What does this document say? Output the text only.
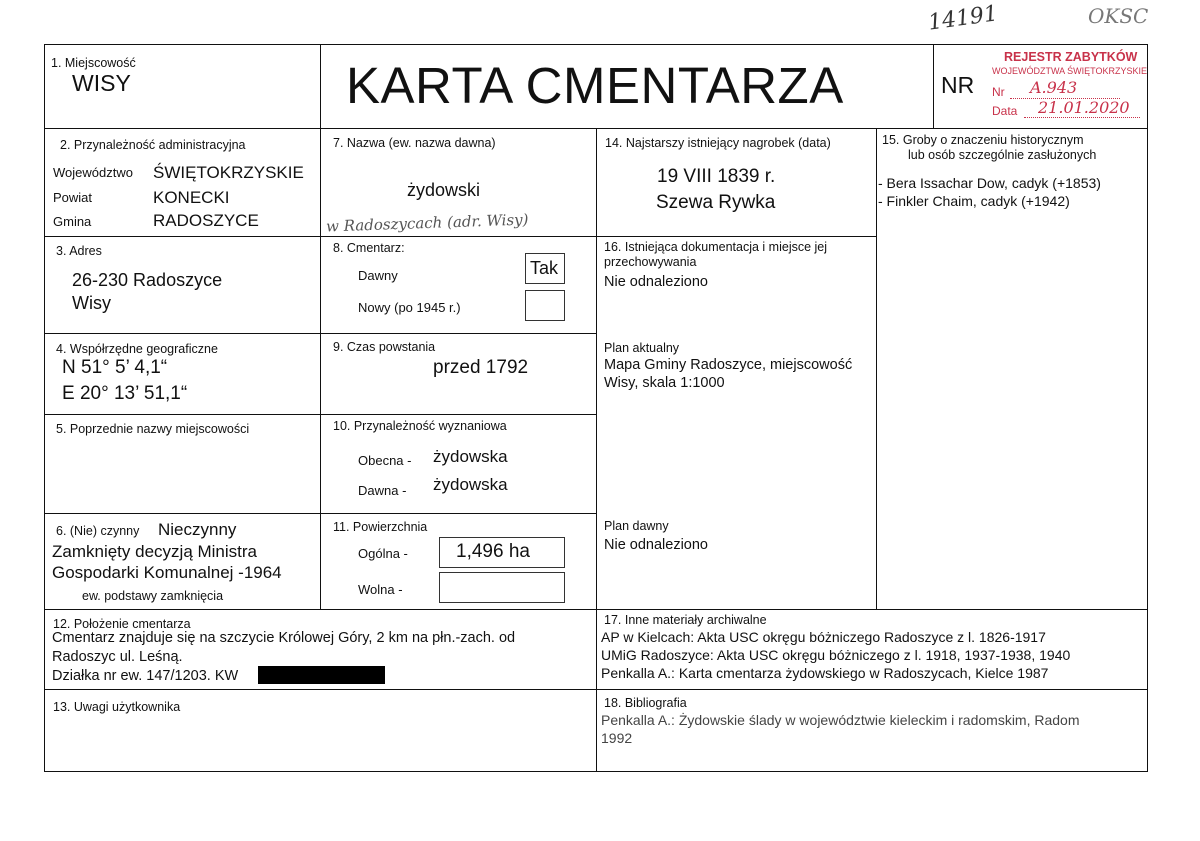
14191	OKSC
1. Miejscowość
WISY	KARTA CMENTARZA	NR
REJESTR ZABYTKÓW
WOJEWÓDZTWA ŚWIĘTOKRZYSKIE
Nr A.943
Data 21.01.2020
2. Przynależność administracyjna
Województwo ŚWIĘTOKRZYSKIE
Powiat	KONECKI
Gmina	RADOSZYCE
3. Adres
26-230 Radoszyce
Wisy
4. Współrzędne geograficzne
N 51° 5’ 4,1“
E 20° 13’ 51,1“
5. Poprzednie nazwy miejscowości
6. (Nie) czynny Nieczynny
Zamknięty decyzją Ministra
Gospodarki Komunalnej -1964
ew. podstawy zamknięcia
7. Nazwa (ew. nazwa dawna)
żydowski
w Radoszycach (adr. Wisy)
8. Cmentarz:
Dawny	Tak
Nowy (po 1945 r.)
9. Czas powstania
przed 1792
10. Przynależność wyznaniowa
Obecna - żydowska
Dawna - żydowska
11. Powierzchnia
Ogólna -	1,496 ha
Wolna -
12. Położenie cmentarza
Cmentarz znajduje się na szczycie Królowej Góry, 2 km na płn.-zach. od
Radoszyc ul. Leśną.
Działka nr ew. 147/1203. KW
13. Uwagi użytkownika
14. Najstarszy istniejący nagrobek (data)
19 VIII 1839 r.
Szewa Rywka
15. Groby o znaczeniu historycznym
lub osób szczególnie zasłużonych
- Bera Issachar Dow, cadyk (+1853)
- Finkler Chaim, cadyk (+1942)
16. Istniejąca dokumentacja i miejsce jej
przechowywania
Nie odnaleziono
Plan aktualny
Mapa Gminy Radoszyce, miejscowość
Wisy, skala 1:1000
Plan dawny
Nie odnaleziono
17. Inne materiały archiwalne
AP w Kielcach: Akta USC okręgu bóżniczego Radoszyce z l. 1826-1917
UMiG Radoszyce: Akta USC okręgu bóżniczego z l. 1918, 1937-1938, 1940
Penkalla A.: Karta cmentarza żydowskiego w Radoszycach, Kielce 1987
18. Bibliografia
Penkalla A.: Żydowskie ślady w województwie kieleckim i radomskim, Radom
1992
